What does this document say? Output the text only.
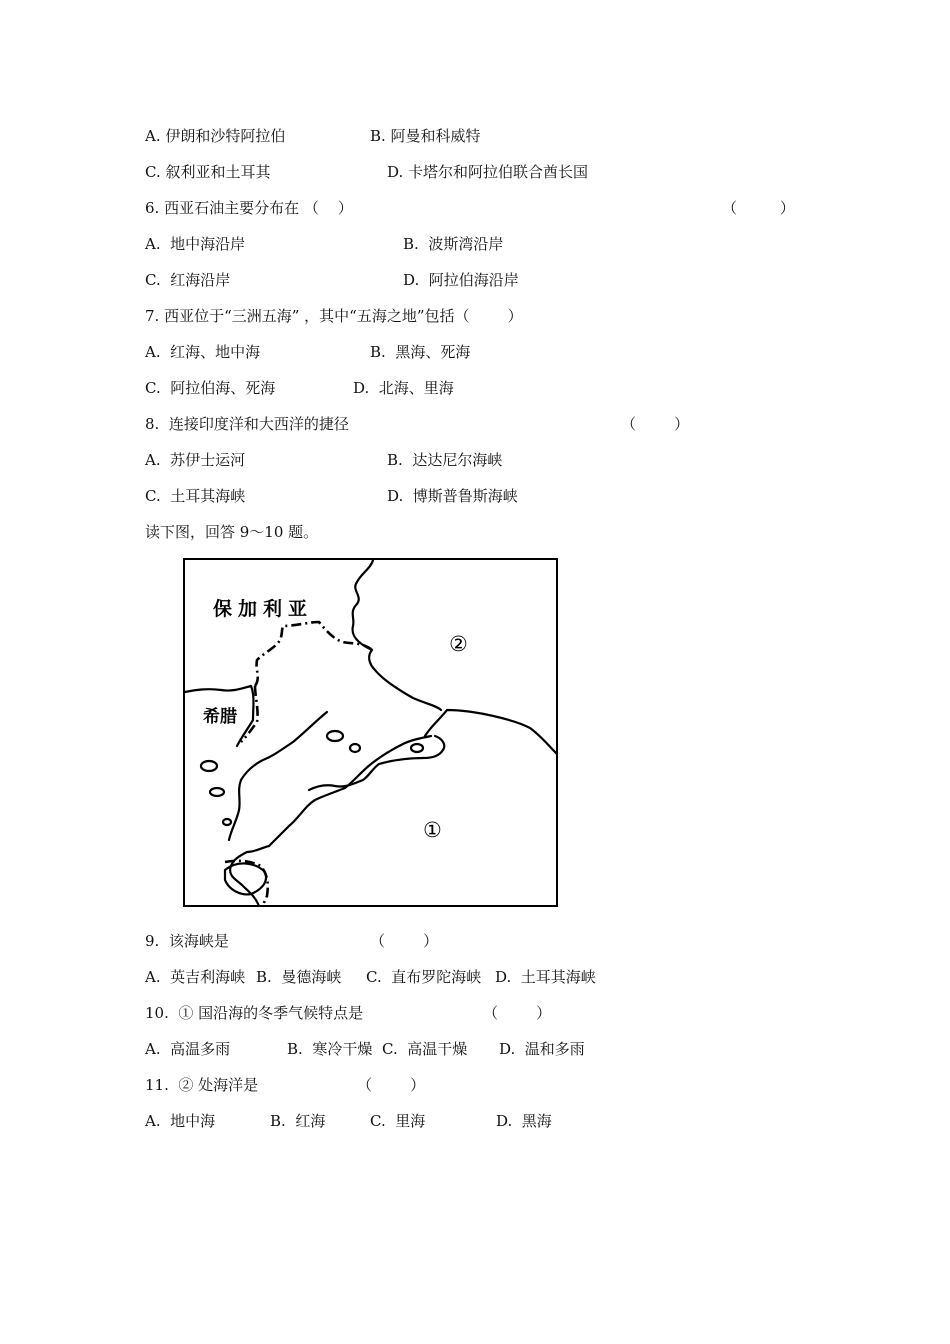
A. 伊朗和沙特阿拉伯	B. 阿曼和科威特
C. 叙利亚和土耳其	D. 卡塔尔和阿拉伯联合酋长国
6. 西亚石油主要分布在 （    ）	（         ）
A.  地中海沿岸	B.  波斯湾沿岸
C.  红海沿岸	D.  阿拉伯海沿岸
7. 西亚位于“三洲五海” ，其中“五海之地”包括（        ）
A.  红海、地中海	B.  黑海、死海
C.  阿拉伯海、死海	D.  北海、里海
8.  连接印度洋和大西洋的捷径	（        ）
A.  苏伊士运河	B.  达达尼尔海峡
C.  土耳其海峡	D.  博斯普鲁斯海峡
读下图，回答 9～10 题。
保加利亚
希腊
②
①
9.  该海峡是	（        ）
A.  英吉利海峡 B.  曼德海峡 C.  直布罗陀海峡 D.  土耳其海峡
10.  ① 国沿海的冬季气候特点是	（        ）
A.  高温多雨	B.  寒冷干燥 C.  高温干燥 D.  温和多雨
11.  ② 处海洋是	（        ）
A.  地中海	B.  红海	C.  里海	D.  黑海
